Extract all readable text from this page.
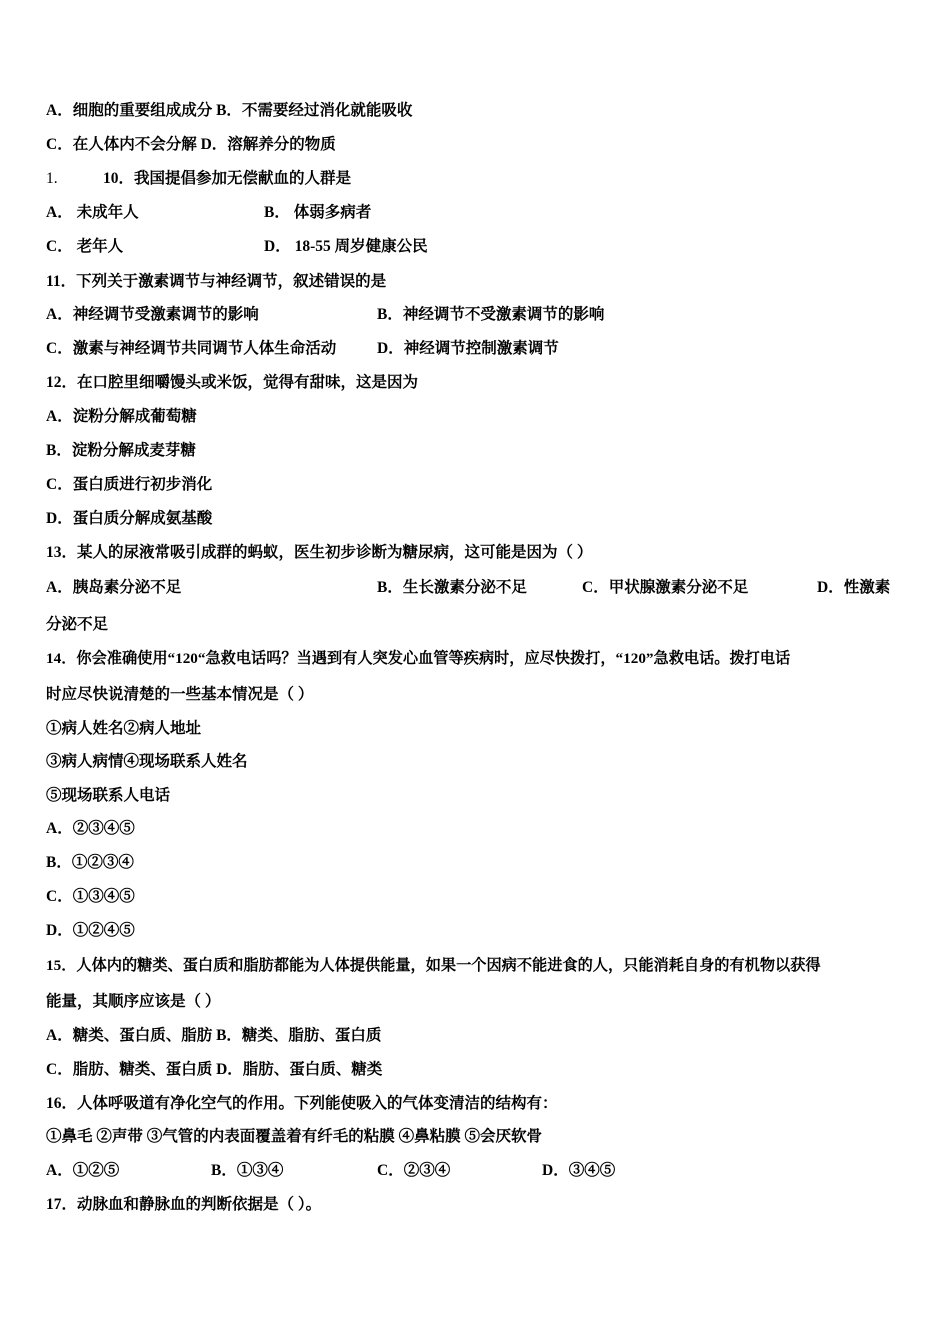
A．细胞的重要组成成分 B．不需要经过消化就能吸收
C．在人体内不会分解 D．溶解养分的物质
1.	10．我国提倡参加无偿献血的人群是
A． 未成年人	B． 体弱多病者
C． 老年人	D． 18-55 周岁健康公民
11．下列关于激素调节与神经调节，叙述错误的是
A．神经调节受激素调节的影响	B．神经调节不受激素调节的影响
C．激素与神经调节共同调节人体生命活动	D．神经调节控制激素调节
12．在口腔里细嚼馒头或米饭，觉得有甜味，这是因为
A．淀粉分解成葡萄糖
B．淀粉分解成麦芽糖
C．蛋白质进行初步消化
D．蛋白质分解成氨基酸
13．某人的尿液常吸引成群的蚂蚁，医生初步诊断为糖尿病，这可能是因为（ ）
A．胰岛素分泌不足	B．生长激素分泌不足	C．甲状腺激素分泌不足	D．性激素
分泌不足
14．你会准确使用“120“急救电话吗？当遇到有人突发心血管等疾病时，应尽快拨打，“120”急救电话。拨打电话
时应尽快说清楚的一些基本情况是（ ）
①病人姓名②病人地址
③病人病情④现场联系人姓名
⑤现场联系人电话
A．②③④⑤
B．①②③④
C．①③④⑤
D．①②④⑤
15．人体内的糖类、蛋白质和脂肪都能为人体提供能量，如果一个因病不能进食的人，只能消耗自身的有机物以获得
能量，其顺序应该是（ ）
A．糖类、蛋白质、脂肪 B．糖类、脂肪、蛋白质
C．脂肪、糖类、蛋白质 D．脂肪、蛋白质、糖类
16．人体呼吸道有净化空气的作用。下列能使吸入的气体变清洁的结构有：
①鼻毛 ②声带 ③气管的内表面覆盖着有纤毛的粘膜 ④鼻粘膜 ⑤会厌软骨
A．①②⑤	B．①③④	C．②③④	D．③④⑤
17．动脉血和静脉血的判断依据是（ ）。
